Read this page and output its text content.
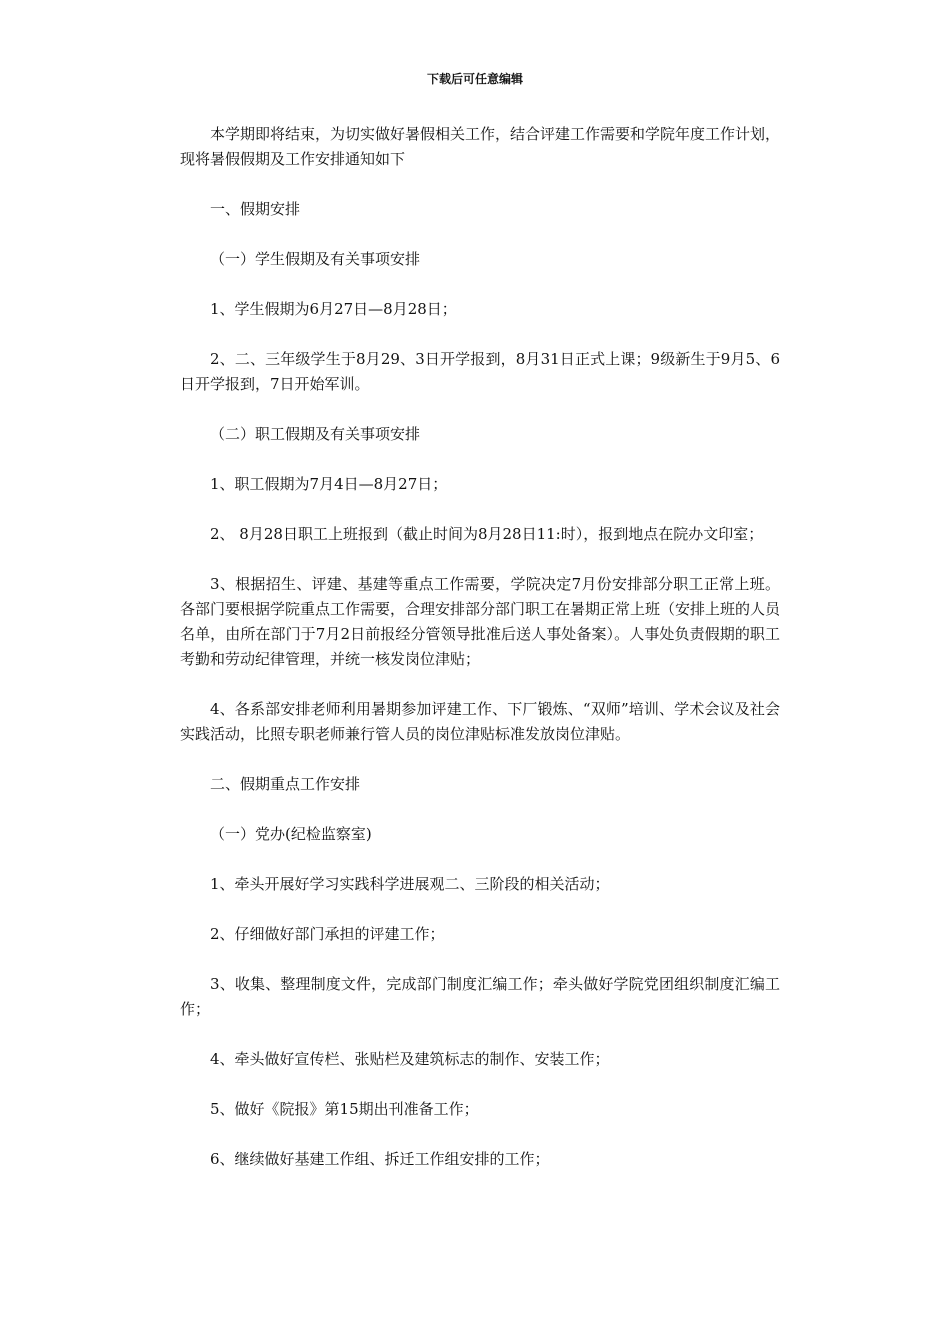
下载后可任意编辑

本学期即将结束，为切实做好暑假相关工作，结合评建工作需要和学院年度工作计划，现将暑假假期及工作安排通知如下

一、假期安排

（一）学生假期及有关事项安排

1、学生假期为6月27日—8月28日；

2、二、三年级学生于8月29、3日开学报到，8月31日正式上课；9级新生于9月5、6日开学报到，7日开始军训。

（二）职工假期及有关事项安排

1、职工假期为7月4日—8月27日；

2、 8月28日职工上班报到（截止时间为8月28日11:时），报到地点在院办文印室；

3、根据招生、评建、基建等重点工作需要，学院决定7月份安排部分职工正常上班。各部门要根据学院重点工作需要，合理安排部分部门职工在暑期正常上班（安排上班的人员名单，由所在部门于7月2日前报经分管领导批准后送人事处备案）。人事处负责假期的职工考勤和劳动纪律管理，并统一核发岗位津贴；

4、各系部安排老师利用暑期参加评建工作、下厂锻炼、“双师”培训、学术会议及社会实践活动，比照专职老师兼行管人员的岗位津贴标准发放岗位津贴。

二、假期重点工作安排

（一）党办(纪检监察室)

1、牵头开展好学习实践科学进展观二、三阶段的相关活动；

2、仔细做好部门承担的评建工作；

3、收集、整理制度文件，完成部门制度汇编工作；牵头做好学院党团组织制度汇编工作；

4、牵头做好宣传栏、张贴栏及建筑标志的制作、安装工作；

5、做好《院报》第15期出刊准备工作；

6、继续做好基建工作组、拆迁工作组安排的工作；
